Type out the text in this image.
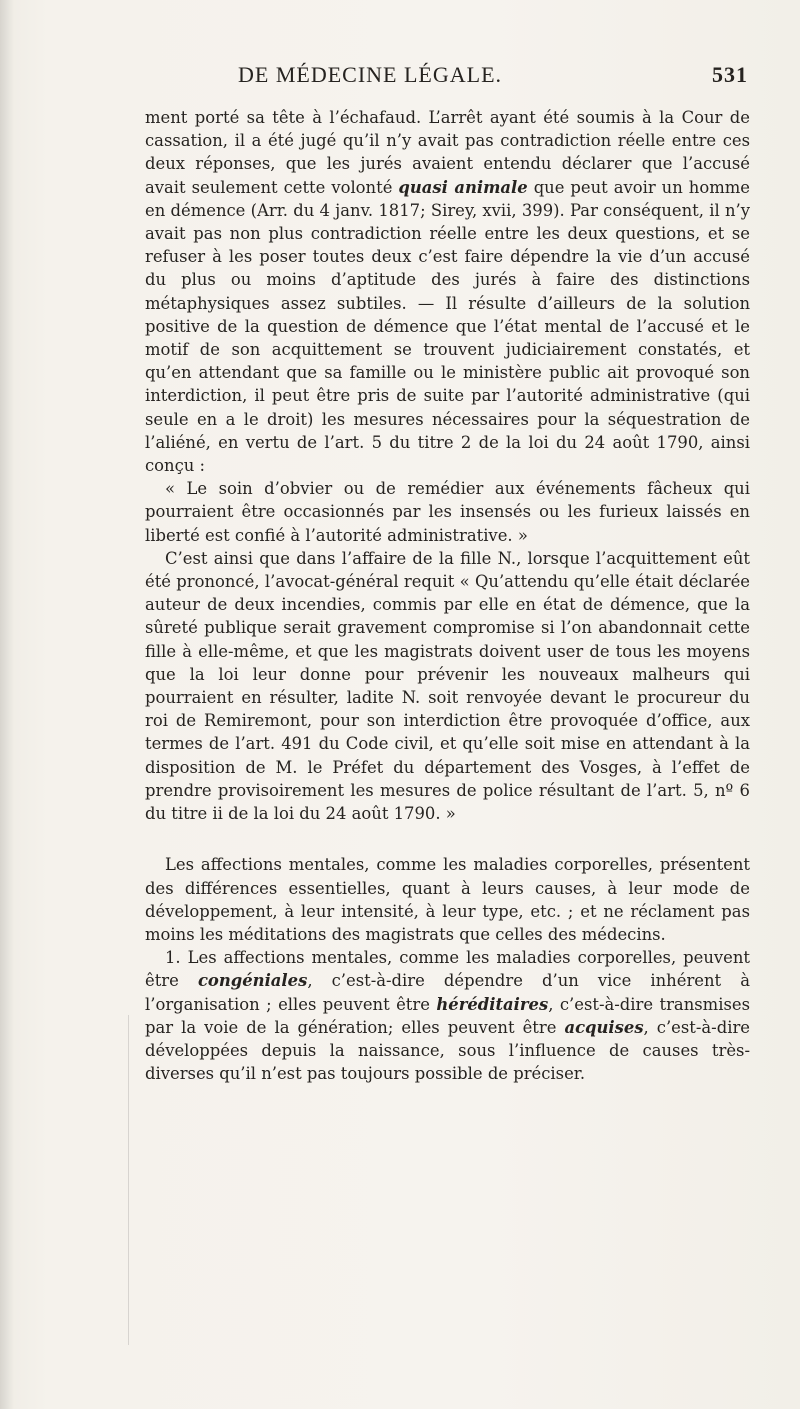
DE MÉDECINE LÉGALE.	531

ment porté sa tête à l’échafaud. L’arrêt ayant été soumis à la Cour de cassation, il a été jugé qu’il n’y avait pas contradiction réelle entre ces deux réponses, que les jurés avaient entendu déclarer que l’accusé avait seulement cette volonté quasi animale que peut avoir un homme en démence (Arr. du 4 janv. 1817; Sirey, xvii, 399). Par conséquent, il n’y avait pas non plus contradiction réelle entre les deux questions, et se refuser à les poser toutes deux c’est faire dépendre la vie d’un accusé du plus ou moins d’aptitude des jurés à faire des distinctions métaphysiques assez subtiles. — Il résulte d’ailleurs de la solution positive de la question de démence que l’état mental de l’accusé et le motif de son acquittement se trouvent judiciairement constatés, et qu’en attendant que sa famille ou le ministère public ait provoqué son interdiction, il peut être pris de suite par l’autorité administrative (qui seule en a le droit) les mesures nécessaires pour la séquestration de l’aliéné, en vertu de l’art. 5 du titre 2 de la loi du 24 août 1790, ainsi conçu :

« Le soin d’obvier ou de remédier aux événements fâcheux qui pourraient être occasionnés par les insensés ou les furieux laissés en liberté est confié à l’autorité administrative. »

C’est ainsi que dans l’affaire de la fille N., lorsque l’acquittement eût été prononcé, l’avocat-général requit « Qu’attendu qu’elle était déclarée auteur de deux incendies, commis par elle en état de démence, que la sûreté publique serait gravement compromise si l’on abandonnait cette fille à elle-même, et que les magistrats doivent user de tous les moyens que la loi leur donne pour prévenir les nouveaux malheurs qui pourraient en résulter, ladite N. soit renvoyée devant le procureur du roi de Remiremont, pour son interdiction être provoquée d’office, aux termes de l’art. 491 du Code civil, et qu’elle soit mise en attendant à la disposition de M. le Préfet du département des Vosges, à l’effet de prendre provisoirement les mesures de police résultant de l’art. 5, nº 6 du titre ii de la loi du 24 août 1790. »

Les affections mentales, comme les maladies corporelles, présentent des différences essentielles, quant à leurs causes, à leur mode de développement, à leur intensité, à leur type, etc. ; et ne réclament pas moins les méditations des magistrats que celles des médecins.

1. Les affections mentales, comme les maladies corporelles, peuvent être congéniales, c’est-à-dire dépendre d’un vice inhérent à l’organisation ; elles peuvent être héréditaires, c’est-à-dire transmises par la voie de la génération; elles peuvent être acquises, c’est-à-dire développées depuis la naissance, sous l’influence de causes très-diverses qu’il n’est pas toujours possible de préciser.
